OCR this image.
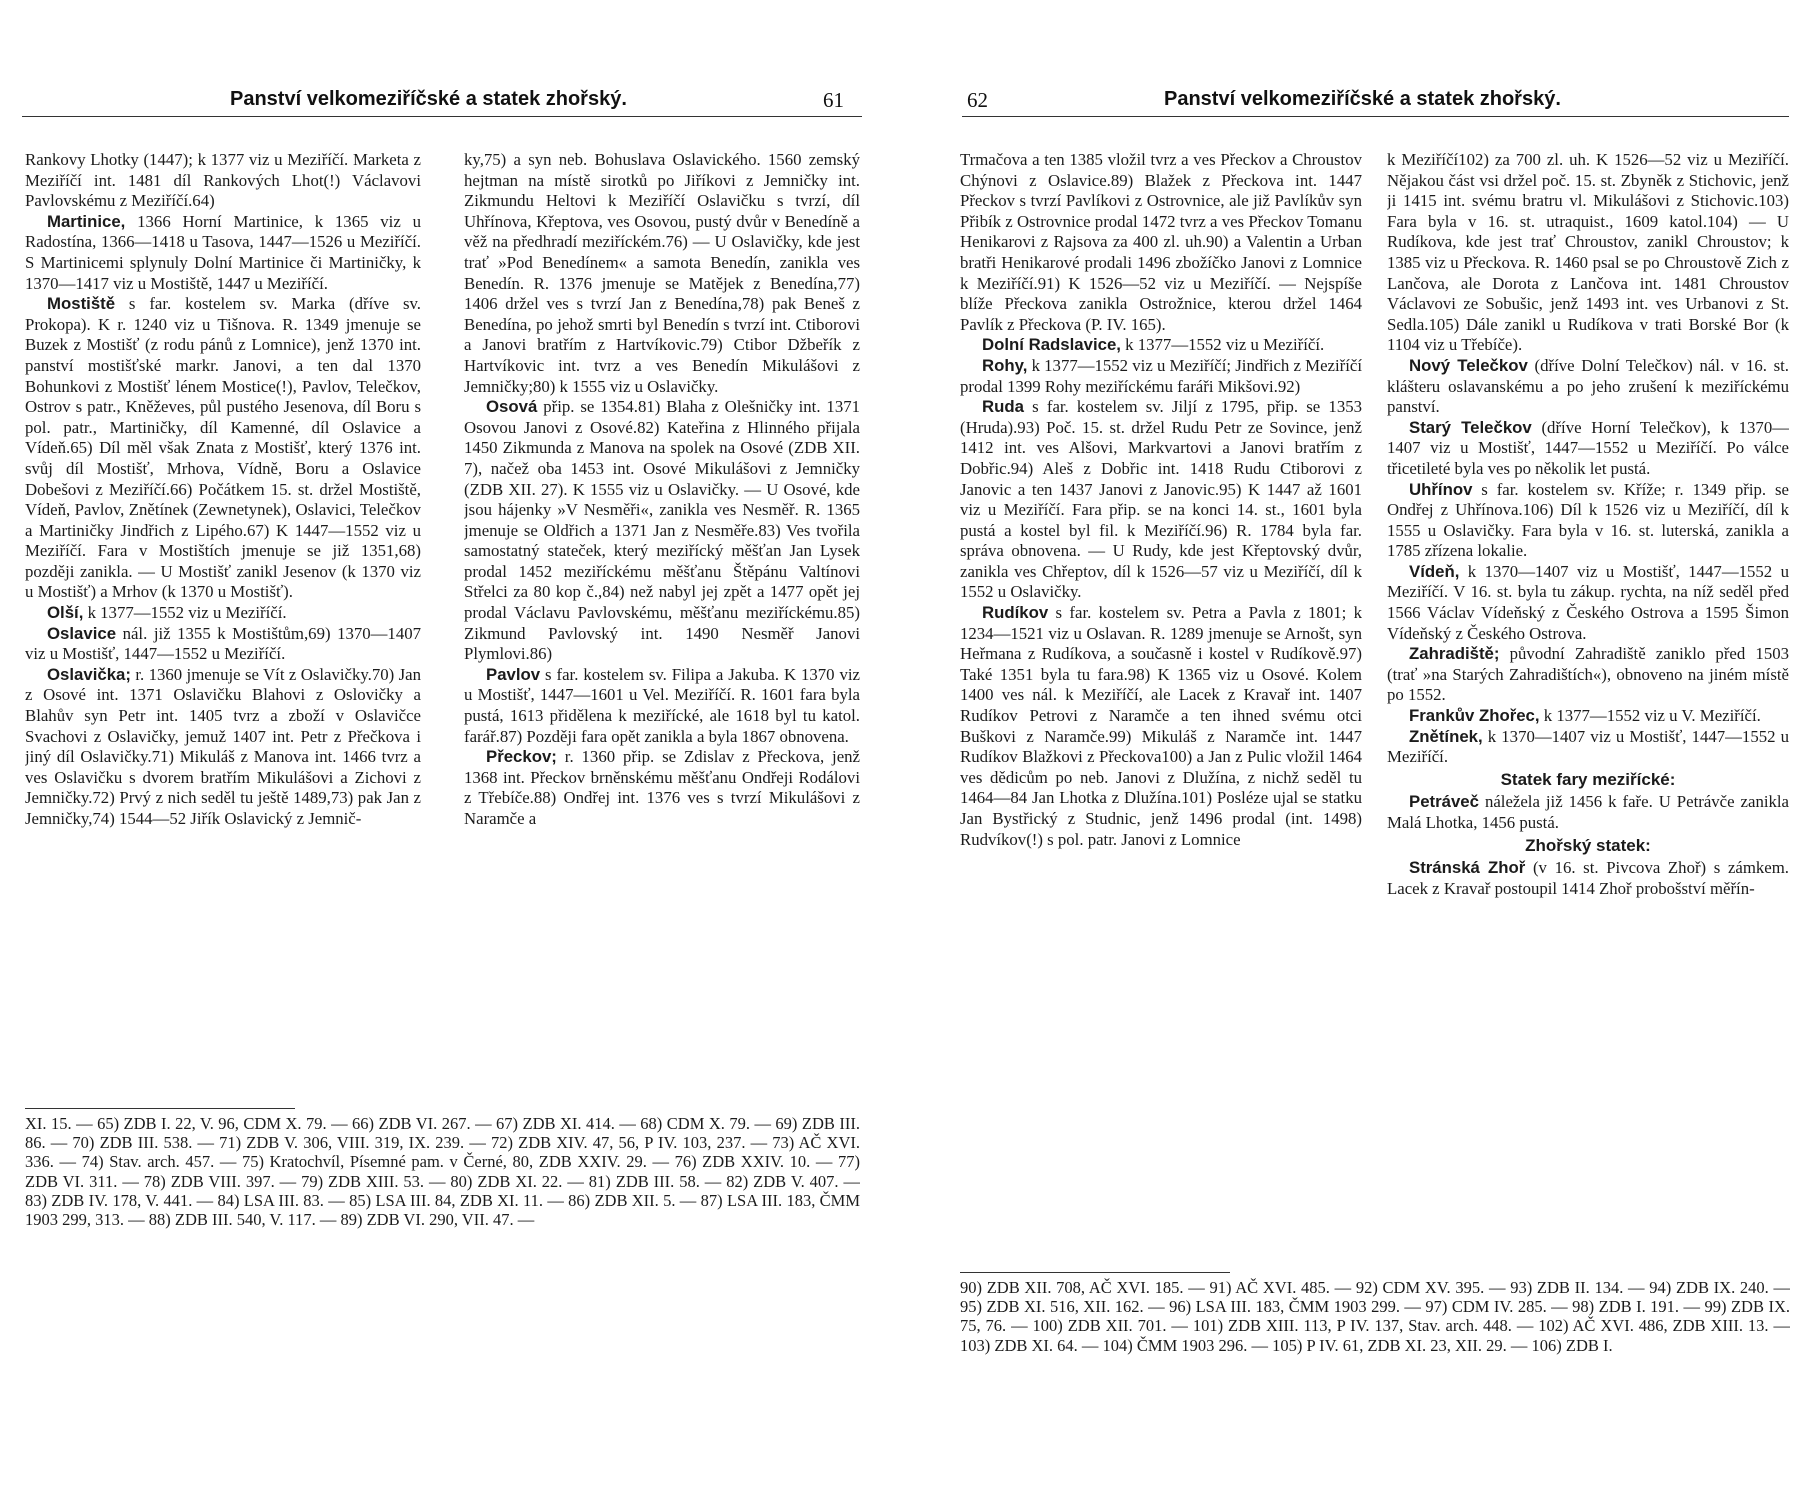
Panství velkomeziříčské a statek zhořský.	61

Rankovy Lhotky (1447); k 1377 viz u Meziříčí. Marketa z Meziříčí int. 1481 díl Rankových Lhot(!) Václavovi Pavlovskému z Meziříčí.64)

Martinice, 1366 Horní Martinice, k 1365 viz u Radostína, 1366—1418 u Tasova, 1447—1526 u Meziříčí. S Martinicemi splynuly Dolní Martinice či Martiničky, k 1370—1417 viz u Mostiště, 1447 u Meziříčí.

Mostiště s far. kostelem sv. Marka (dříve sv. Prokopa). K r. 1240 viz u Tišnova. R. 1349 jmenuje se Buzek z Mostišť (z rodu pánů z Lomnice), jenž 1370 int. panství mostišťské markr. Janovi, a ten dal 1370 Bohunkovi z Mostišť lénem Mostice(!), Pavlov, Telečkov, Ostrov s patr., Kněževes, půl pustého Jesenova, díl Boru s pol. patr., Martiničky, díl Kamenné, díl Oslavice a Vídeň.65) Díl měl však Znata z Mostišť, který 1376 int. svůj díl Mostišť, Mrhova, Vídně, Boru a Oslavice Dobešovi z Meziříčí.66) Počátkem 15. st. držel Mostiště, Vídeň, Pavlov, Znětínek (Zewnetynek), Oslavici, Telečkov a Martiničky Jindřich z Lipého.67) K 1447—1552 viz u Meziříčí. Fara v Mostištích jmenuje se již 1351,68) později zanikla. — U Mostišť zanikl Jesenov (k 1370 viz u Mostišť) a Mrhov (k 1370 u Mostišť).

Olší, k 1377—1552 viz u Meziříčí.

Oslavice nál. již 1355 k Mostištům,69) 1370—1407 viz u Mostišť, 1447—1552 u Meziříčí.

Oslavička; r. 1360 jmenuje se Vít z Oslavičky.70) Jan z Osové int. 1371 Oslavičku Blahovi z Oslovičky a Blahův syn Petr int. 1405 tvrz a zboží v Oslavičce Svachovi z Oslavičky, jemuž 1407 int. Petr z Přečkova i jiný díl Oslavičky.71) Mikuláš z Manova int. 1466 tvrz a ves Oslavičku s dvorem bratřím Mikulášovi a Zichovi z Jemničky.72) Prvý z nich seděl tu ještě 1489,73) pak Jan z Jemničky,74) 1544—52 Jiřík Oslavický z Jemnič-

ky,75) a syn neb. Bohuslava Oslavického. 1560 zemský hejtman na místě sirotků po Jiříkovi z Jemničky int. Zikmundu Heltovi k Meziříčí Oslavičku s tvrzí, díl Uhřínova, Křeptova, ves Osovou, pustý dvůr v Benedíně a věž na předhradí meziříckém.76) — U Oslavičky, kde jest trať »Pod Benedínem« a samota Benedín, zanikla ves Benedín. R. 1376 jmenuje se Matějek z Benedína,77) 1406 držel ves s tvrzí Jan z Benedína,78) pak Beneš z Benedína, po jehož smrti byl Benedín s tvrzí int. Ctiborovi a Janovi bratřím z Hartvíkovic.79) Ctibor Džbeřík z Hartvíkovic int. tvrz a ves Benedín Mikulášovi z Jemničky;80) k 1555 viz u Oslavičky.

Osová přip. se 1354.81) Blaha z Olešničky int. 1371 Osovou Janovi z Osové.82) Kateřina z Hlinného přijala 1450 Zikmunda z Manova na spolek na Osové (ZDB XII. 7), načež oba 1453 int. Osové Mikulášovi z Jemničky (ZDB XII. 27). K 1555 viz u Oslavičky. — U Osové, kde jsou hájenky »V Nesměři«, zanikla ves Nesměř. R. 1365 jmenuje se Oldřich a 1371 Jan z Nesměře.83) Ves tvořila samostatný stateček, který meziřícký měšťan Jan Lysek prodal 1452 meziříckému měšťanu Štěpánu Valtínovi Střelci za 80 kop č.,84) než nabyl jej zpět a 1477 opět jej prodal Václavu Pavlovskému, měšťanu meziříckému.85) Zikmund Pavlovský int. 1490 Nesměř Janovi Plymlovi.86)

Pavlov s far. kostelem sv. Filipa a Jakuba. K 1370 viz u Mostišť, 1447—1601 u Vel. Meziříčí. R. 1601 fara byla pustá, 1613 přidělena k meziřícké, ale 1618 byl tu katol. farář.87) Později fara opět zanikla a byla 1867 obnovena.

Přeckov; r. 1360 přip. se Zdislav z Přeckova, jenž 1368 int. Přeckov brněnskému měšťanu Ondřeji Rodálovi z Třebíče.88) Ondřej int. 1376 ves s tvrzí Mikulášovi z Naramče a

XI. 15. — 65) ZDB I. 22, V. 96, CDM X. 79. — 66) ZDB VI. 267. — 67) ZDB XI. 414. — 68) CDM X. 79. — 69) ZDB III. 86. — 70) ZDB III. 538. — 71) ZDB V. 306, VIII. 319, IX. 239. — 72) ZDB XIV. 47, 56, P IV. 103, 237. — 73) AČ XVI. 336. — 74) Stav. arch. 457. — 75) Kratochvíl, Písemné pam. v Černé, 80, ZDB XXIV. 29. — 76) ZDB XXIV. 10. — 77) ZDB VI. 311. — 78) ZDB VIII. 397. — 79) ZDB XIII. 53. — 80) ZDB XI. 22. — 81) ZDB III. 58. — 82) ZDB V. 407. — 83) ZDB IV. 178, V. 441. — 84) LSA III. 83. — 85) LSA III. 84, ZDB XI. 11. — 86) ZDB XII. 5. — 87) LSA III. 183, ČMM 1903 299, 313. — 88) ZDB III. 540, V. 117. — 89) ZDB VI. 290, VII. 47. —
62	Panství velkomeziříčské a statek zhořský.

Trmačova a ten 1385 vložil tvrz a ves Přeckov a Chroustov Chýnovi z Oslavice.89) Blažek z Přeckova int. 1447 Přeckov s tvrzí Pavlíkovi z Ostrovnice, ale již Pavlíkův syn Přibík z Ostrovnice prodal 1472 tvrz a ves Přeckov Tomanu Henikarovi z Rajsova za 400 zl. uh.90) a Valentin a Urban bratři Henikarové prodali 1496 zbožíčko Janovi z Lomnice k Meziříčí.91) K 1526—52 viz u Meziříčí. — Nejspíše blíže Přeckova zanikla Ostrožnice, kterou držel 1464 Pavlík z Přeckova (P. IV. 165).

Dolní Radslavice, k 1377—1552 viz u Meziříčí.

Rohy, k 1377—1552 viz u Meziříčí; Jindřich z Meziříčí prodal 1399 Rohy meziříckému faráři Mikšovi.92)

Ruda s far. kostelem sv. Jiljí z 1795, přip. se 1353 (Hruda).93) Poč. 15. st. držel Rudu Petr ze Sovince, jenž 1412 int. ves Alšovi, Markvartovi a Janovi bratřím z Dobřic.94) Aleš z Dobřic int. 1418 Rudu Ctiborovi z Janovic a ten 1437 Janovi z Janovic.95) K 1447 až 1601 viz u Meziříčí. Fara přip. se na konci 14. st., 1601 byla pustá a kostel byl fil. k Meziříčí.96) R. 1784 byla far. správa obnovena. — U Rudy, kde jest Křeptovský dvůr, zanikla ves Chřeptov, díl k 1526—57 viz u Meziříčí, díl k 1552 u Oslavičky.

Rudíkov s far. kostelem sv. Petra a Pavla z 1801; k 1234—1521 viz u Oslavan. R. 1289 jmenuje se Arnošt, syn Heřmana z Rudíkova, a současně i kostel v Rudíkově.97) Také 1351 byla tu fara.98) K 1365 viz u Osové. Kolem 1400 ves nál. k Meziříčí, ale Lacek z Kravař int. 1407 Rudíkov Petrovi z Naramče a ten ihned svému otci Buškovi z Naramče.99) Mikuláš z Naramče int. 1447 Rudíkov Blažkovi z Přeckova100) a Jan z Pulic vložil 1464 ves dědicům po neb. Janovi z Dlužína, z nichž seděl tu 1464—84 Jan Lhotka z Dlužína.101) Posléze ujal se statku Jan Bystřický z Studnic, jenž 1496 prodal (int. 1498) Rudvíkov(!) s pol. patr. Janovi z Lomnice

k Meziříčí102) za 700 zl. uh. K 1526—52 viz u Meziříčí. Nějakou část vsi držel poč. 15. st. Zbyněk z Stichovic, jenž ji 1415 int. svému bratru vl. Mikulášovi z Stichovic.103) Fara byla v 16. st. utraquist., 1609 katol.104) — U Rudíkova, kde jest trať Chroustov, zanikl Chroustov; k 1385 viz u Přeckova. R. 1460 psal se po Chroustově Zich z Lančova, ale Dorota z Lančova int. 1481 Chroustov Václavovi ze Sobušic, jenž 1493 int. ves Urbanovi z St. Sedla.105) Dále zanikl u Rudíkova v trati Borské Bor (k 1104 viz u Třebíče).

Nový Telečkov (dříve Dolní Telečkov) nál. v 16. st. klášteru oslavanskému a po jeho zrušení k meziříckému panství.

Starý Telečkov (dříve Horní Telečkov), k 1370—1407 viz u Mostišť, 1447—1552 u Meziříčí. Po válce třicetileté byla ves po několik let pustá.

Uhřínov s far. kostelem sv. Kříže; r. 1349 přip. se Ondřej z Uhřínova.106) Díl k 1526 viz u Meziříčí, díl k 1555 u Oslavičky. Fara byla v 16. st. luterská, zanikla a 1785 zřízena lokalie.

Vídeň, k 1370—1407 viz u Mostišť, 1447—1552 u Meziříčí. V 16. st. byla tu zákup. rychta, na níž seděl před 1566 Václav Vídeňský z Českého Ostrova a 1595 Šimon Vídeňský z Českého Ostrova.

Zahradiště; původní Zahradiště zaniklo před 1503 (trať »na Starých Zahradištích«), obnoveno na jiném místě po 1552.

Frankův Zhořec, k 1377—1552 viz u V. Meziříčí.

Znětínek, k 1370—1407 viz u Mostišť, 1447—1552 u Meziříčí.

Statek fary meziřícké:

Petráveč náležela již 1456 k faře. U Petrávče zanikla Malá Lhotka, 1456 pustá.

Zhořský statek:

Stránská Zhoř (v 16. st. Pivcova Zhoř) s zámkem. Lacek z Kravař postoupil 1414 Zhoř probošství měřín-

90) ZDB XII. 708, AČ XVI. 185. — 91) AČ XVI. 485. — 92) CDM XV. 395. — 93) ZDB II. 134. — 94) ZDB IX. 240. — 95) ZDB XI. 516, XII. 162. — 96) LSA III. 183, ČMM 1903 299. — 97) CDM IV. 285. — 98) ZDB I. 191. — 99) ZDB IX. 75, 76. — 100) ZDB XII. 701. — 101) ZDB XIII. 113, P IV. 137, Stav. arch. 448. — 102) AČ XVI. 486, ZDB XIII. 13. — 103) ZDB XI. 64. — 104) ČMM 1903 296. — 105) P IV. 61, ZDB XI. 23, XII. 29. — 106) ZDB I.
